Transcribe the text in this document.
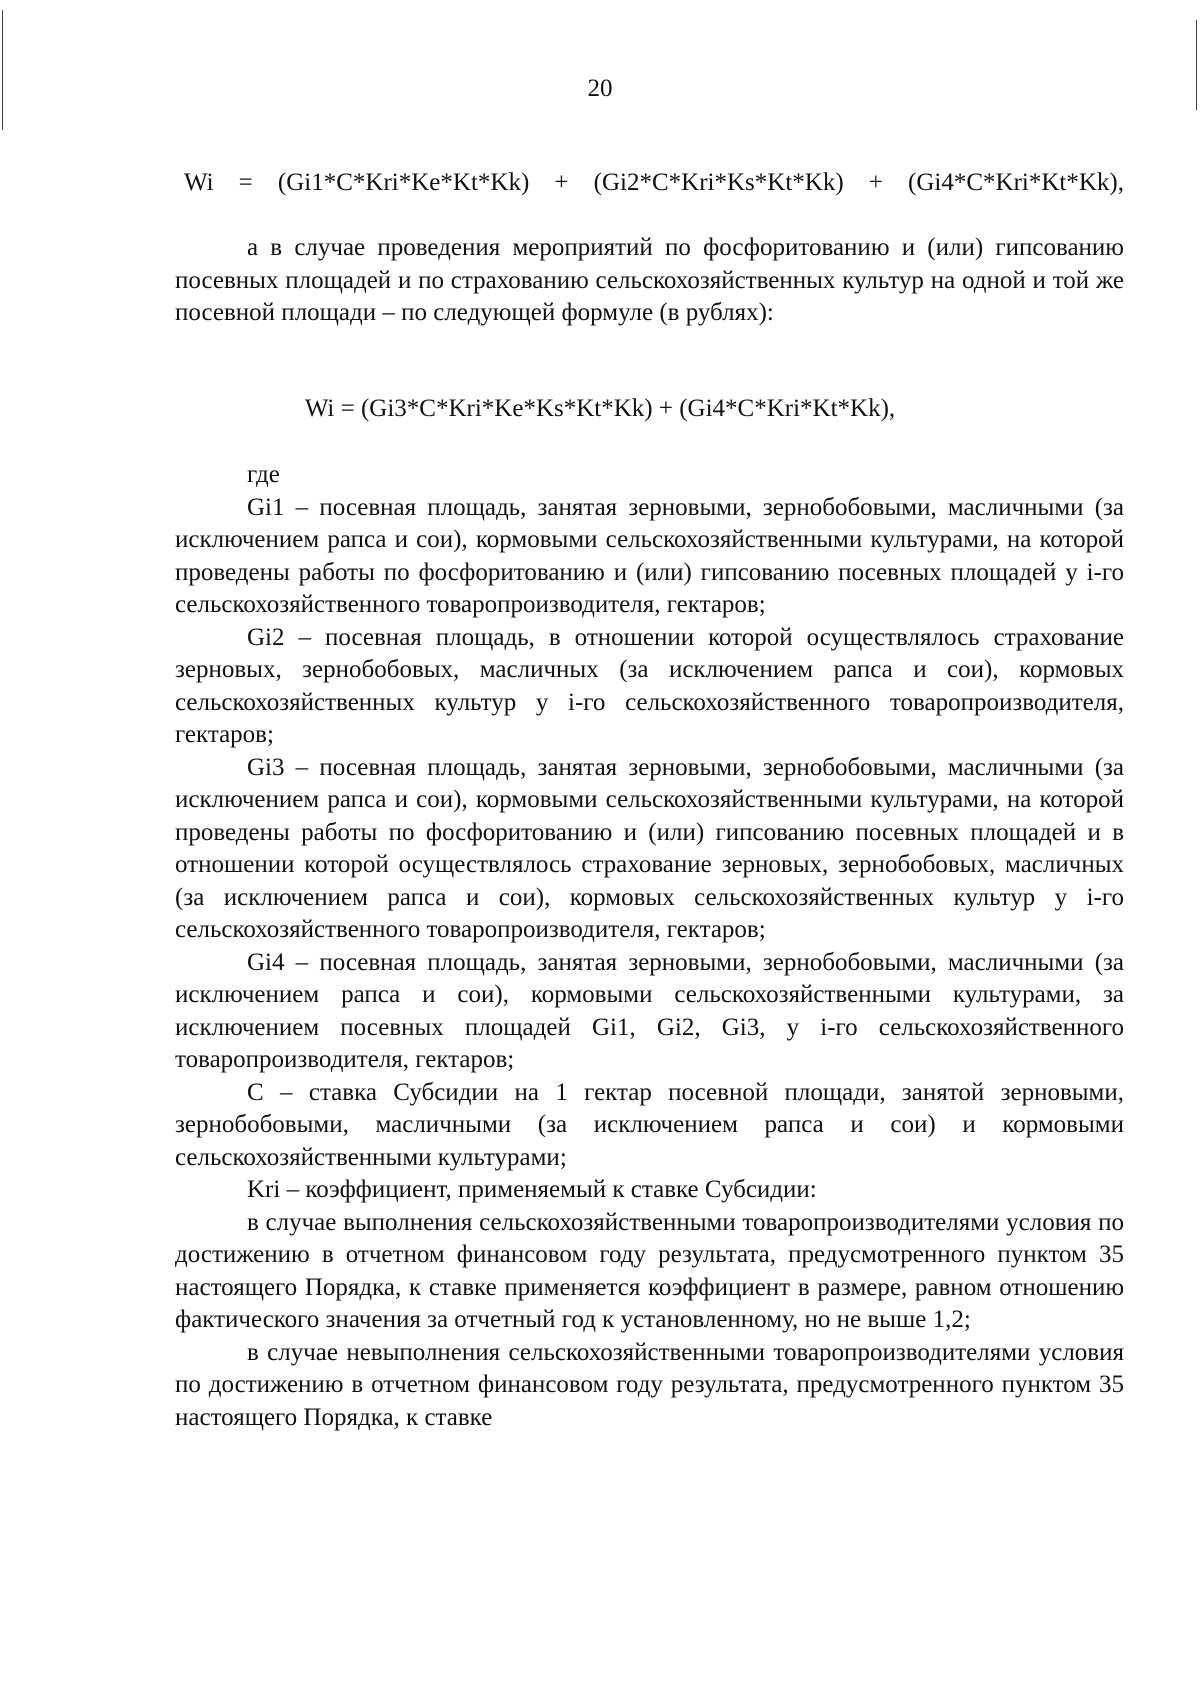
20
Wi = (Gi1*C*Kri*Ke*Kt*Kk) + (Gi2*C*Kri*Ks*Kt*Kk) + (Gi4*C*Kri*Kt*Kk),

а в случае проведения мероприятий по фосфоритованию и (или) гипсованию посевных площадей и по страхованию сельскохозяйственных культур на одной и той же посевной площади – по следующей формуле (в рублях):

Wi = (Gi3*C*Kri*Ke*Ks*Kt*Kk) + (Gi4*C*Kri*Kt*Kk),

где

Gi1 – посевная площадь, занятая зерновыми, зернобобовыми, масличными (за исключением рапса и сои), кормовыми сельскохозяйственными культурами, на которой проведены работы по фосфоритованию и (или) гипсованию посевных площадей у i-го сельскохозяйственного товаропроизводителя, гектаров;

Gi2 – посевная площадь, в отношении которой осуществлялось страхование зерновых, зернобобовых, масличных (за исключением рапса и сои), кормовых сельскохозяйственных культур у i-го сельскохозяйственного товаропроизводителя, гектаров;

Gi3 – посевная площадь, занятая зерновыми, зернобобовыми, масличными (за исключением рапса и сои), кормовыми сельскохозяйственными культурами, на которой проведены работы по фосфоритованию и (или) гипсованию посевных площадей и в отношении которой осуществлялось страхование зерновых, зернобобовых, масличных (за исключением рапса и сои), кормовых сельскохозяйственных культур у i-го сельскохозяйственного товаропроизводителя, гектаров;

Gi4 – посевная площадь, занятая зерновыми, зернобобовыми, масличными (за исключением рапса и сои), кормовыми сельскохозяйственными культурами, за исключением посевных площадей Gi1, Gi2, Gi3, у i-го сельскохозяйственного товаропроизводителя, гектаров;

С – ставка Субсидии на 1 гектар посевной площади, занятой зерновыми, зернобобовыми, масличными (за исключением рапса и сои) и кормовыми сельскохозяйственными культурами;

Kri – коэффициент, применяемый к ставке Субсидии:

в случае выполнения сельскохозяйственными товаропроизводителями условия по достижению в отчетном финансовом году результата, предусмотренного пунктом 35 настоящего Порядка, к ставке применяется коэффициент в размере, равном отношению фактического значения за отчетный год к установленному, но не выше 1,2;

в случае невыполнения сельскохозяйственными товаропроизводителями условия по достижению в отчетном финансовом году результата, предусмотренного пунктом 35 настоящего Порядка, к ставке
